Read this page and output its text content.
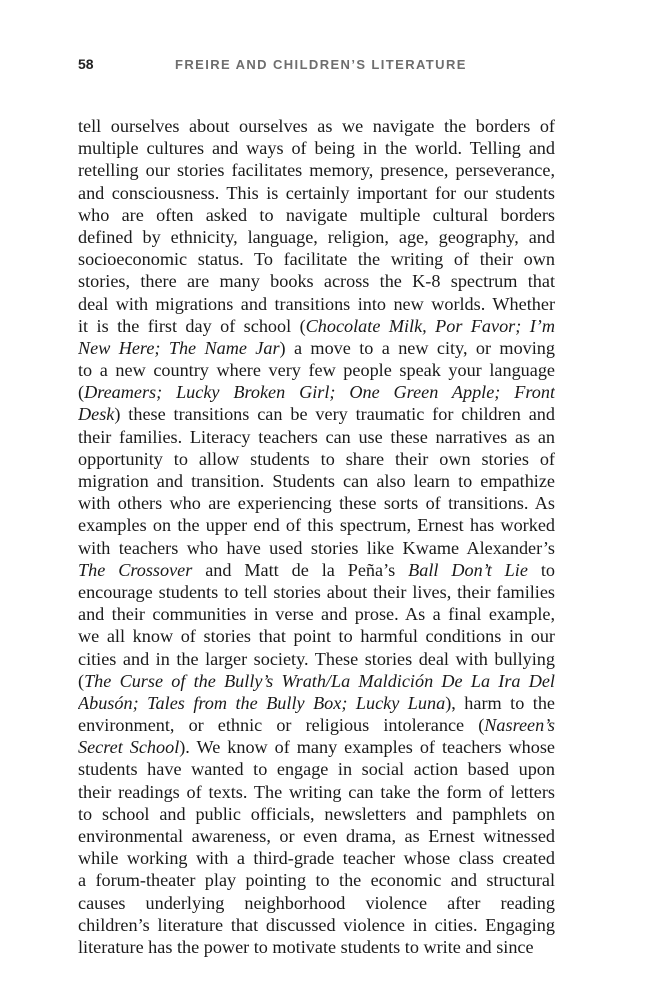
58	FREIRE AND CHILDREN’S LITERATURE
tell ourselves about ourselves as we navigate the borders of
multiple cultures and ways of being in the world. Telling and
retelling our stories facilitates memory, presence, perseverance,
and consciousness. This is certainly important for our students
who are often asked to navigate multiple cultural borders
defined by ethnicity, language, religion, age, geography, and
socioeconomic status. To facilitate the writing of their own
stories, there are many books across the K-8 spectrum that
deal with migrations and transitions into new worlds. Whether
it is the first day of school (Chocolate Milk, Por Favor; I’m
New Here; The Name Jar) a move to a new city, or moving
to a new country where very few people speak your language
(Dreamers; Lucky Broken Girl; One Green Apple; Front
Desk) these transitions can be very traumatic for children and
their families. Literacy teachers can use these narratives as an
opportunity to allow students to share their own stories of
migration and transition. Students can also learn to empathize
with others who are experiencing these sorts of transitions. As
examples on the upper end of this spectrum, Ernest has worked
with teachers who have used stories like Kwame Alexander’s
The Crossover and Matt de la Peña’s Ball Don’t Lie to
encourage students to tell stories about their lives, their families
and their communities in verse and prose. As a final example,
we all know of stories that point to harmful conditions in our
cities and in the larger society. These stories deal with bullying
(The Curse of the Bully’s Wrath/La Maldición De La Ira Del
Abusón; Tales from the Bully Box; Lucky Luna), harm to the
environment, or ethnic or religious intolerance (Nasreen’s
Secret School). We know of many examples of teachers whose
students have wanted to engage in social action based upon
their readings of texts. The writing can take the form of letters
to school and public officials, newsletters and pamphlets on
environmental awareness, or even drama, as Ernest witnessed
while working with a third-grade teacher whose class created
a forum-theater play pointing to the economic and structural
causes underlying neighborhood violence after reading
children’s literature that discussed violence in cities. Engaging
literature has the power to motivate students to write and since
